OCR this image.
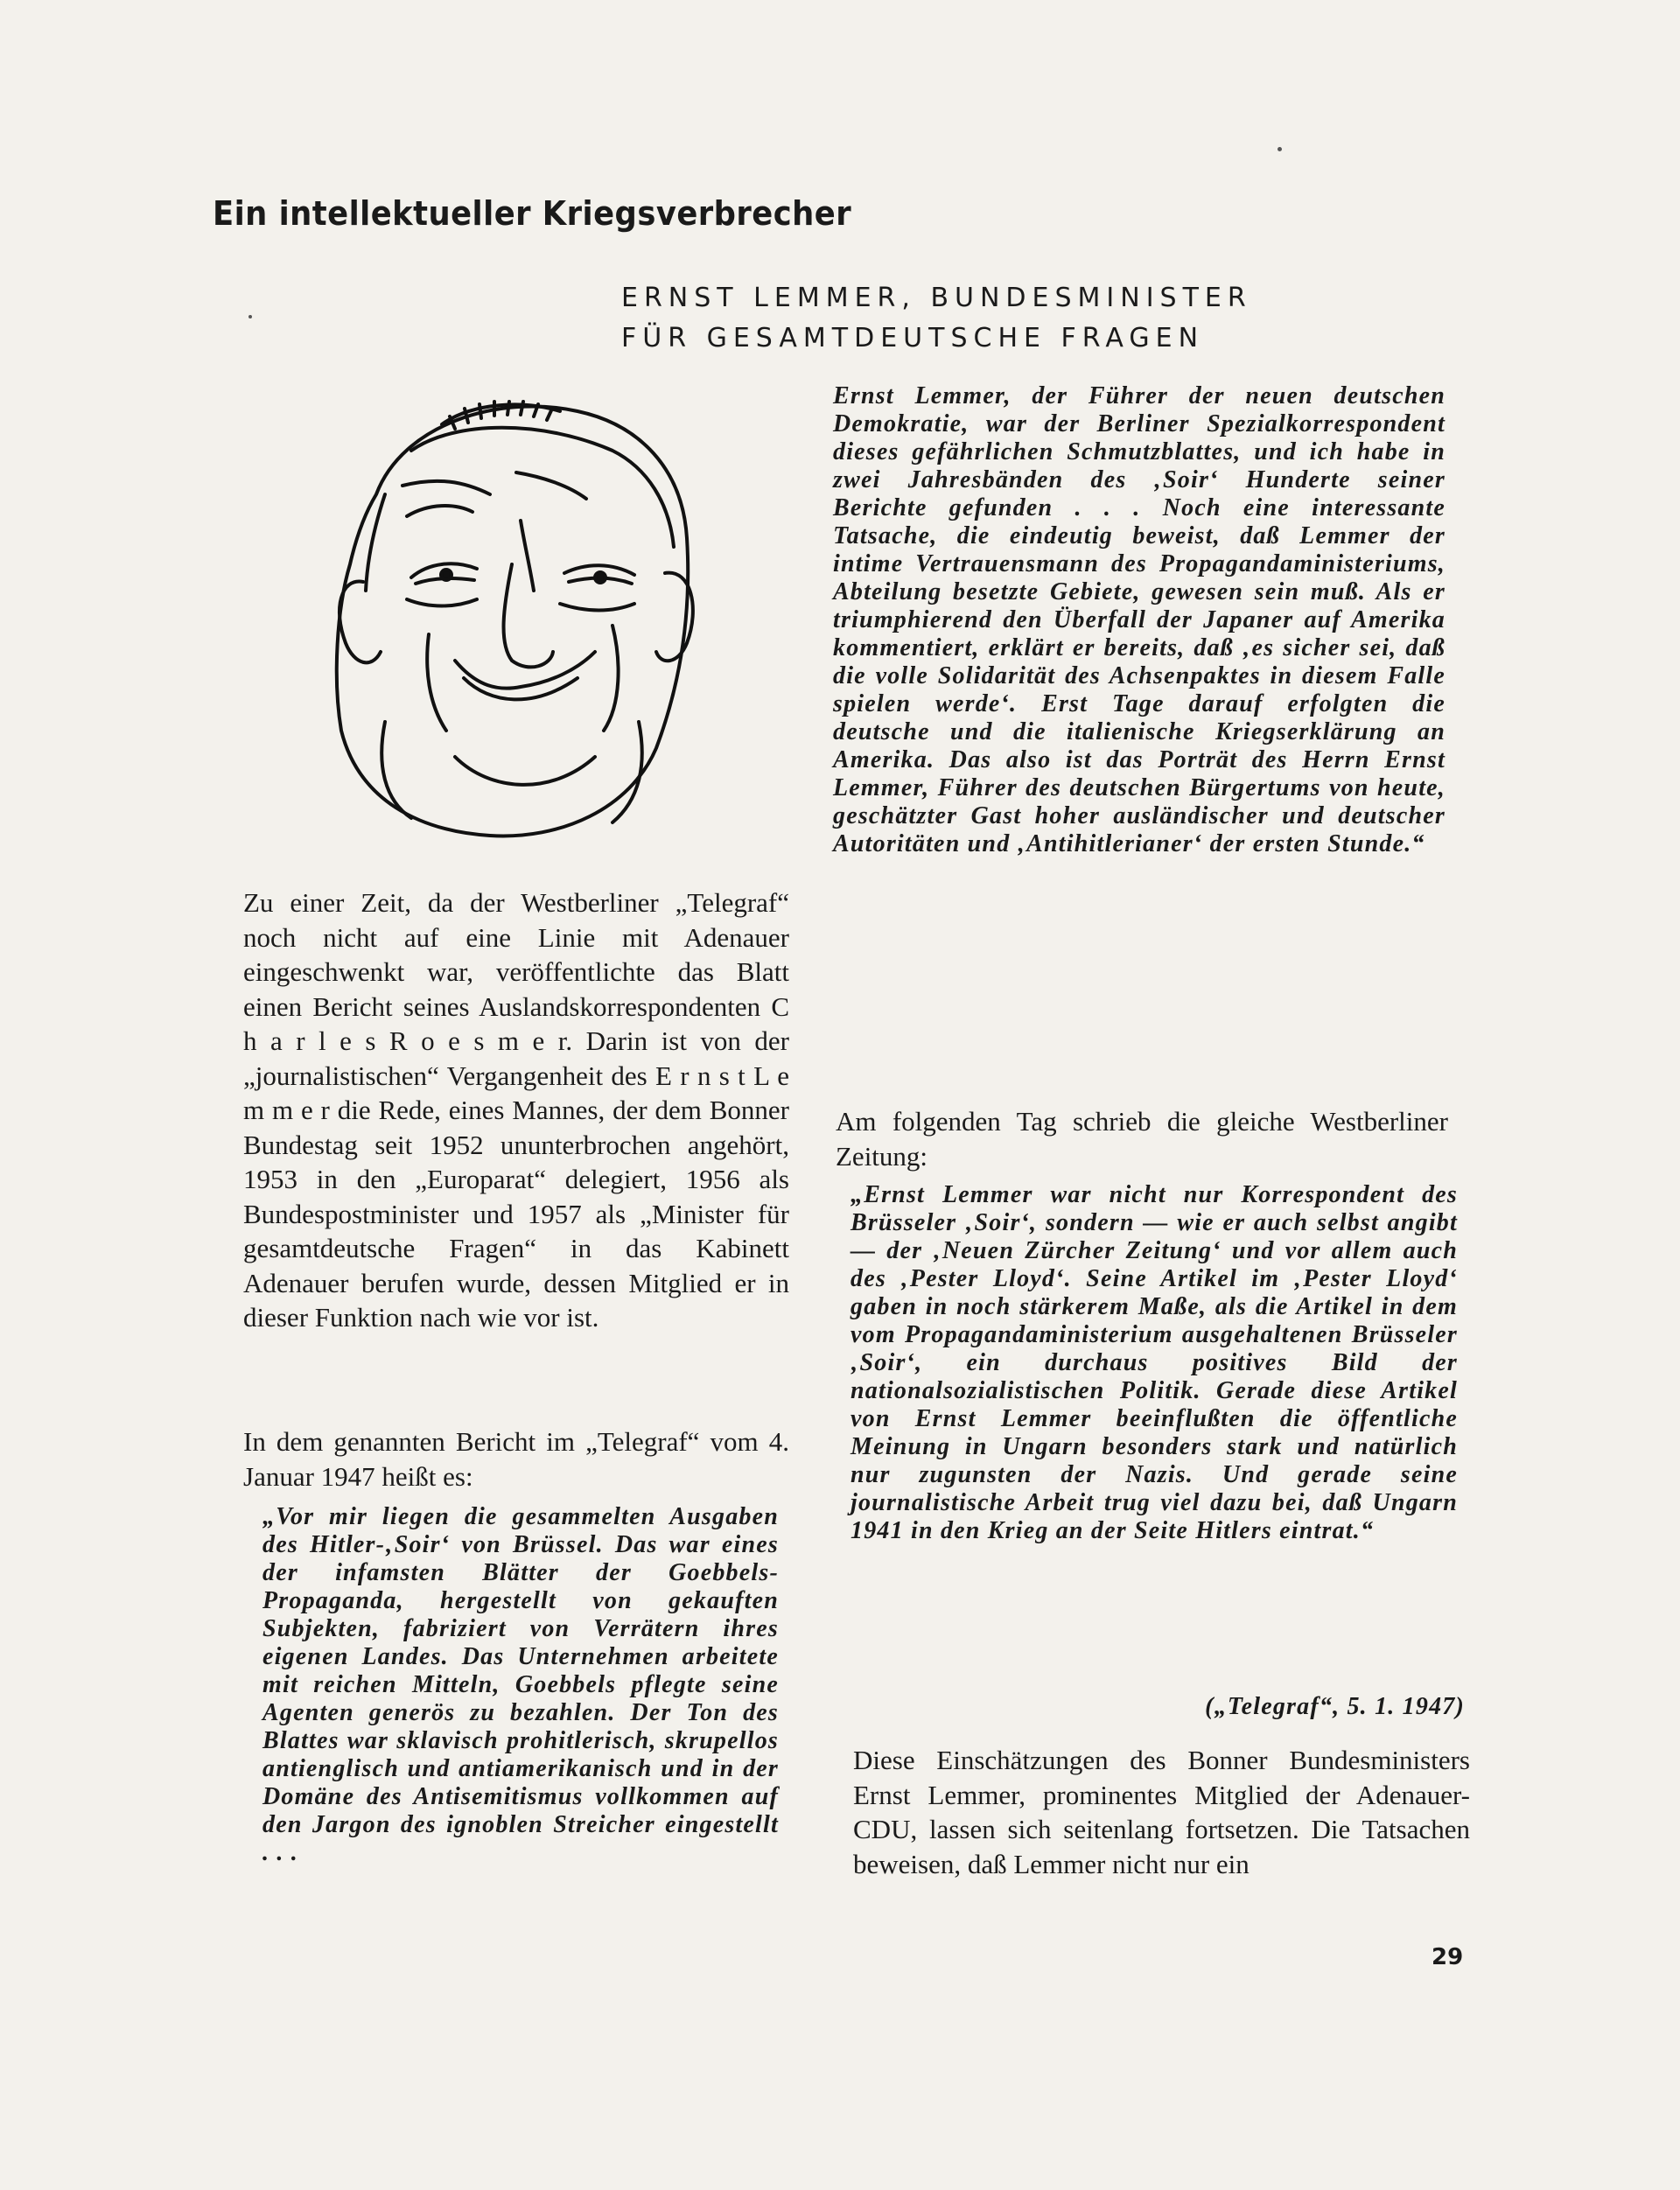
Ein intellektueller Kriegsverbrecher
ERNST LEMMER, BUNDESMINISTER
FÜR GESAMTDEUTSCHE FRAGEN

Zu einer Zeit, da der Westberliner „Telegraf“ noch nicht auf eine Linie mit Adenauer eingeschwenkt war, veröffentlichte das Blatt einen Bericht seines Auslandskorrespondenten C h a r l e s R o e s m e r. Darin ist von der „journalistischen“ Vergangenheit des E r n s t L e m m e r die Rede, eines Mannes, der dem Bonner Bundestag seit 1952 ununterbrochen angehört, 1953 in den „Europarat“ delegiert, 1956 als Bundespostminister und 1957 als „Minister für gesamtdeutsche Fragen“ in das Kabinett Adenauer berufen wurde, dessen Mitglied er in dieser Funktion nach wie vor ist.

In dem genannten Bericht im „Telegraf“ vom 4. Januar 1947 heißt es:

„Vor mir liegen die gesammelten Ausgaben des Hitler-‚Soir‘ von Brüssel. Das war eines der infamsten Blätter der Goebbels-Propaganda, hergestellt von gekauften Subjekten, fabriziert von Verrätern ihres eigenen Landes. Das Unternehmen arbeitete mit reichen Mitteln, Goebbels pflegte seine Agenten generös zu bezahlen. Der Ton des Blattes war sklavisch prohitlerisch, skrupellos antienglisch und antiamerikanisch und in der Domäne des Antisemitismus vollkommen auf den Jargon des ignoblen Streicher eingestellt . . .

Ernst Lemmer, der Führer der neuen deutschen Demokratie, war der Berliner Spezialkorrespondent dieses gefährlichen Schmutzblattes, und ich habe in zwei Jahresbänden des ‚Soir‘ Hunderte seiner Berichte gefunden . . . Noch eine interessante Tatsache, die eindeutig beweist, daß Lemmer der intime Vertrauensmann des Propagandaministeriums, Abteilung besetzte Gebiete, gewesen sein muß. Als er triumphierend den Überfall der Japaner auf Amerika kommentiert, erklärt er bereits, daß ‚es sicher sei, daß die volle Solidarität des Achsenpaktes in diesem Falle spielen werde‘. Erst Tage darauf erfolgten die deutsche und die italienische Kriegserklärung an Amerika. Das also ist das Porträt des Herrn Ernst Lemmer, Führer des deutschen Bürgertums von heute, geschätzter Gast hoher ausländischer und deutscher Autoritäten und ‚Antihitlerianer‘ der ersten Stunde.“

Am folgenden Tag schrieb die gleiche Westberliner Zeitung:

„Ernst Lemmer war nicht nur Korrespondent des Brüsseler ‚Soir‘, sondern — wie er auch selbst angibt — der ‚Neuen Zürcher Zeitung‘ und vor allem auch des ‚Pester Lloyd‘. Seine Artikel im ‚Pester Lloyd‘ gaben in noch stärkerem Maße, als die Artikel in dem vom Propagandaministerium ausgehaltenen Brüsseler ‚Soir‘, ein durchaus positives Bild der nationalsozialistischen Politik. Gerade diese Artikel von Ernst Lemmer beeinflußten die öffentliche Meinung in Ungarn besonders stark und natürlich nur zugunsten der Nazis. Und gerade seine journalistische Arbeit trug viel dazu bei, daß Ungarn 1941 in den Krieg an der Seite Hitlers eintrat.“

(„Telegraf“, 5. 1. 1947)

Diese Einschätzungen des Bonner Bundesministers Ernst Lemmer, prominentes Mitglied der Adenauer-CDU, lassen sich seitenlang fortsetzen. Die Tatsachen beweisen, daß Lemmer nicht nur ein

29
